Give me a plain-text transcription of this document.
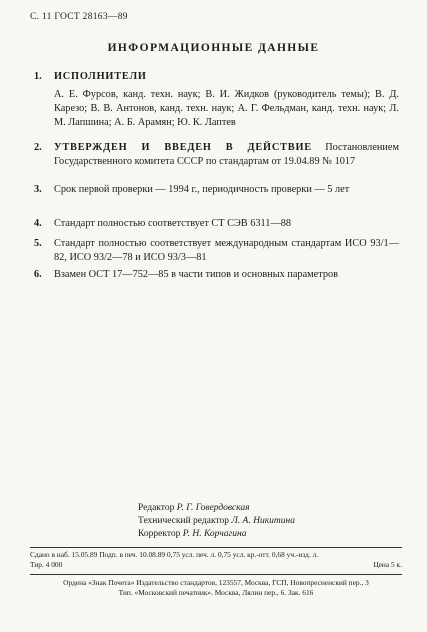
С. 11 ГОСТ 28163—89
ИНФОРМАЦИОННЫЕ ДАННЫЕ
1. ИСПОЛНИТЕЛИ
А. Е. Фурсов, канд. техн. наук; В. И. Жидков (руководитель темы); В. Д. Карезо; В. В. Антонов, канд. техн. наук; А. Г. Фельдман, канд. техн. наук; Л. М. Лапшина; А. Б. Арамян; Ю. К. Лаптев
2. УТВЕРЖДЕН И ВВЕДЕН В ДЕЙСТВИЕ Постановлением Государственного комитета СССР по стандартам от 19.04.89 № 1017
3. Срок первой проверки — 1994 г., периодичность проверки — 5 лет
4. Стандарт полностью соответствует СТ СЭВ 6311—88
5. Стандарт полностью соответствует международным стандартам ИСО 93/1—82, ИСО 93/2—78 и ИСО 93/3—81
6. Взамен ОСТ 17—752—85 в части типов и основных параметров
Редактор Р. Г. Говердовская
Технический редактор Л. А. Никитина
Корректор Р. Н. Корчагина
Сдано в наб. 15.05.89 Подп. в печ. 10.08.89 0,75 усл. печ. л. 0,75 усл. кр.-отт. 0,68 уч.-изд. л.
Тир. 4 000	Цена 5 к.
Ордена «Знак Почета» Издательство стандартов, 123557, Москва, ГСП, Новопресненский пер., 3
Тип. «Московский печатник». Москва, Лялин пер., 6. Зак. 616
